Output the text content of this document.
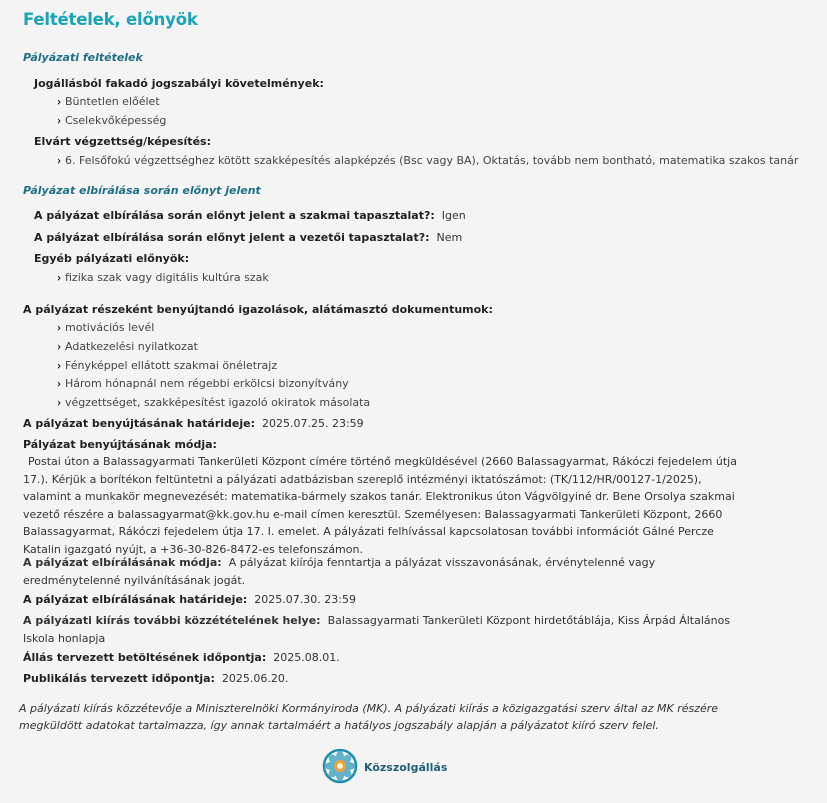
Feltételek, előnyök
Pályázati feltételek
Jogállásból fakadó jogszabályi követelmények:
› Büntetlen előélet
› Cselekvőképesség
Elvárt végzettség/képesítés:
› 6. Felsőfokú végzettséghez kötött szakképesítés alapképzés (Bsc vagy BA), Oktatás, tovább nem bontható, matematika szakos tanár
Pályázat elbírálása során előnyt jelent
A pályázat elbírálása során előnyt jelent a szakmai tapasztalat?: Igen
A pályázat elbírálása során előnyt jelent a vezetői tapasztalat?: Nem
Egyéb pályázati előnyök:
› fizika szak vagy digitális kultúra szak
A pályázat részeként benyújtandó igazolások, alátámasztó dokumentumok:
› motivációs levél
› Adatkezelési nyilatkozat
› Fényképpel ellátott szakmai önéletrajz
› Három hónapnál nem régebbi erkölcsi bizonyítvány
› végzettséget, szakképesítést igazoló okiratok másolata
A pályázat benyújtásának határideje: 2025.07.25. 23:59
Pályázat benyújtásának módja:
Postai úton a Balassagyarmati Tankerületi Központ címére történő megküldésével (2660 Balassagyarmat, Rákóczi fejedelem útja 17.). Kérjük a borítékon feltüntetni a pályázati adatbázisban szereplő intézményi iktatószámot: (TK/112/HR/00127-1/2025), valamint a munkakör megnevezését: matematika-bármely szakos tanár. Elektronikus úton Vágvölgyiné dr. Bene Orsolya szakmai vezető részére a balassagyarmat@kk.gov.hu e-mail címen keresztül. Személyesen: Balassagyarmati Tankerületi Központ, 2660 Balassagyarmat, Rákóczi fejedelem útja 17. I. emelet. A pályázati felhívással kapcsolatosan további információt Gálné Percze Katalin igazgató nyújt, a +36-30-826-8472-es telefonszámon.
A pályázat elbírálásának módja: A pályázat kiírója fenntartja a pályázat visszavonásának, érvénytelenné vagy eredménytelenné nyilvánításának jogát.
A pályázat elbírálásának határideje: 2025.07.30. 23:59
A pályázati kiírás további közzétételének helye: Balassagyarmati Tankerületi Központ hirdetőtáblája, Kiss Árpád Általános Iskola honlapja
Állás tervezett betöltésének időpontja: 2025.08.01.
Publikálás tervezett időpontja: 2025.06.20.
A pályázati kiírás közzétevője a Miniszterelnöki Kormányiroda (MK). A pályázati kiírás a közigazgatási szerv által az MK részére megküldött adatokat tartalmazza, így annak tartalmáért a hatályos jogszabály alapján a pályázatot kiíró szerv felel.
Közszolgállás
